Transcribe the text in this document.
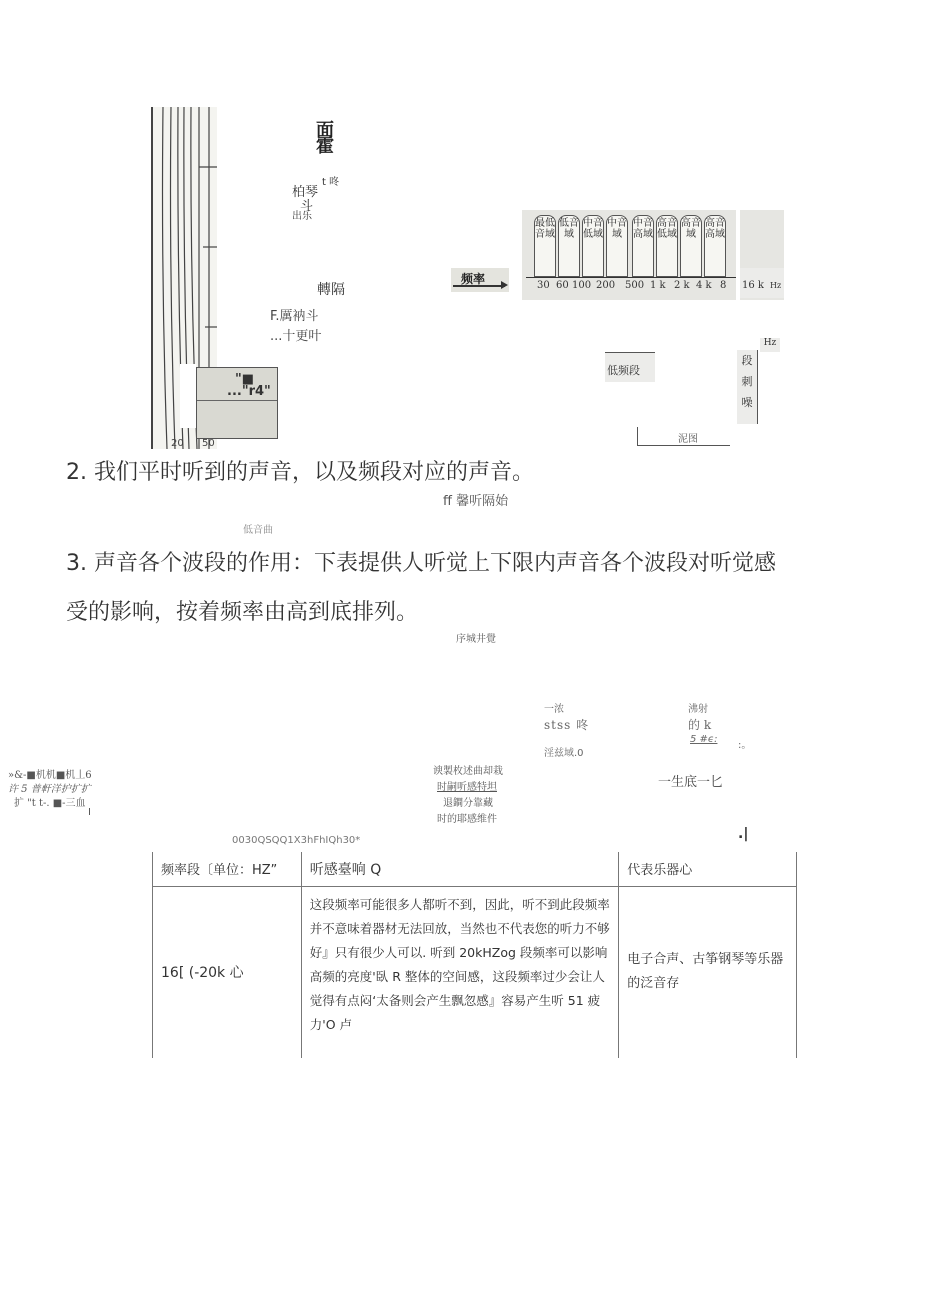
"■
..."r4"
20 50
面 霍
t 咚
柏琴
斗
出乐
轉隔
F.厲衲斗
...十更叶
频率
最低音域
低音域
中音低域
中音域
中音高域
高音低域
高音域
高音高域
30 60 100 200 500 1 k 2 k 4 k 8 16 k Hz
Hz
低频段
段
刺
噪
泥图
2. 我们平时听到的声音，以及频段对应的声音。
ff 馨听隔始
低音曲
3. 声音各个波段的作用：下表提供人听觉上下限内声音各个波段对听觉感
受的影响，按着频率由高到底排列。
序城井覺
»&-■机机■机丄6
许 5 普軒洋护扩扩
扩 "t t-. ■-三血
I
谀製枚述曲却栽
时嗣听感特坦
退鐧分靠藏
时的耶感维件
一浓
stss 咚
淫兹域.0
沸射
的 k
5 #ϵ:
:。
一生底一匕
0030QSQQ1X3hFhIQh30*	.|
频率段〔单位：HZ”	听感臺响 Q	代表乐器心
16[ (-20k 心	这段频率可能很多人都听不到，因此，听不到此段频率并不意味着器材无法回放，当然也不代表您的听力不够好』只有很少人可以. 听到 20kHZog 段频率可以影响高频的亮度'臥 R 整体的空间感，这段频率过少会让人觉得有点闷‘太备则会产生飘忽感』容易产生听 51 疲力'O 卢	电子合声、古筝钢琴等乐器的泛音存
